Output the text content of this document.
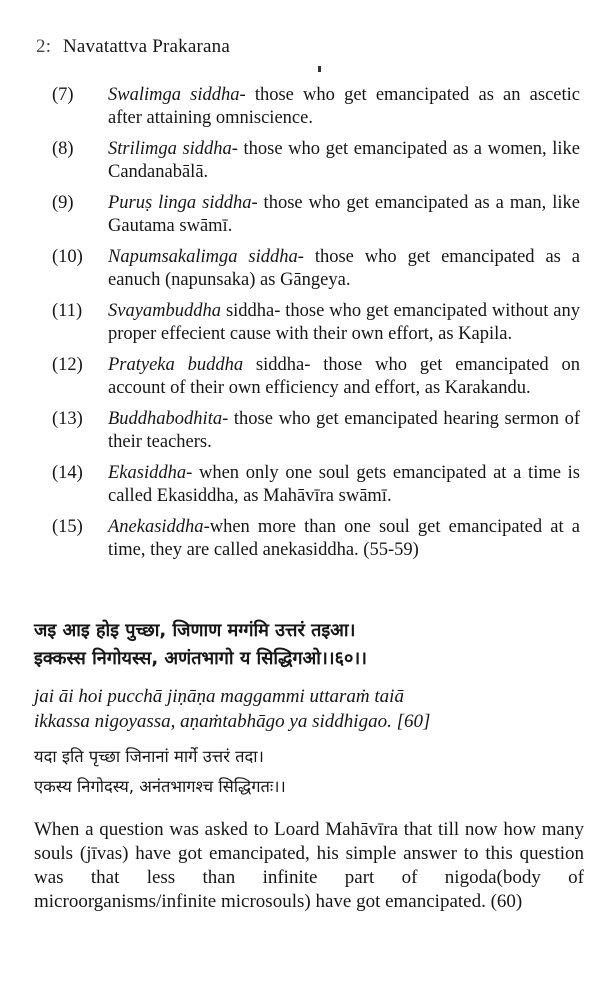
2: Navatattva Prakarana
(7)	Swalimga siddha- those who get emancipated as an ascetic after attaining omniscience.
(8)	Strilimga siddha- those who get emancipated as a women, like Candanabālā.
(9)	Puruṣ linga siddha- those who get emancipated as a man, like Gautama swāmī.
(10)	Napumsakalimga siddha- those who get emancipated as a eanuch (napunsaka) as Gāngeya.
(11)	Svayambuddha siddha- those who get emancipated without any proper effecient cause with their own effort, as Kapila.
(12)	Pratyeka buddha siddha- those who get emancipated on account of their own efficiency and effort, as Karakandu.
(13)	Buddhabodhita- those who get emancipated hearing sermon of their teachers.
(14)	Ekasiddha- when only one soul gets emancipated at a time is called Ekasiddha, as Mahāvīra swāmī.
(15)	Anekasiddha-when more than one soul get emancipated at a time, they are called anekasiddha. (55-59)
जइ आइ होइ पुच्छा, जिणाण मग्गंमि उत्तरं तइआ।
इक्कस्स निगोयस्स, अणंतभागो य सिद्धिगओ।।६०।।
jai āi hoi pucchā jiṇāṇa maggammi uttaraṁ taiā
ikkassa nigoyassa, aṇaṁtabhāgo ya siddhigao. [60]
यदा इति पृच्छा जिनानां मार्गे उत्तरं तदा।
एकस्य निगोदस्य, अनंतभागश्च सिद्धिगतः।।
When a question was asked to Loard Mahāvīra that till now how many souls (jīvas) have got emancipated, his simple answer to this question was that less than infinite part of nigoda(body of microorganisms/infinite microsouls) have got emancipated. (60)
